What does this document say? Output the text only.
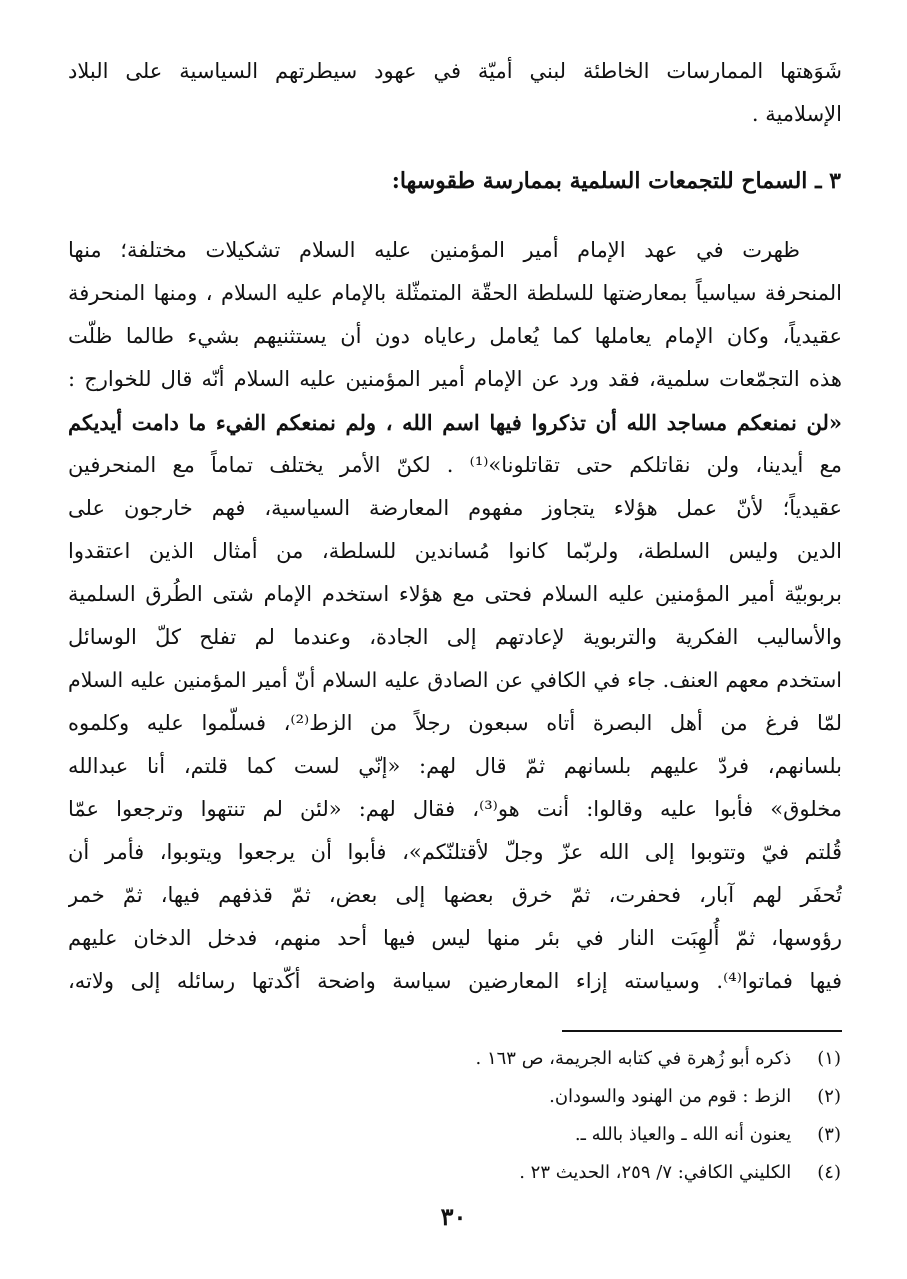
شَوَهتها الممارسات الخاطئة لبني أميّة في عهود سيطرتهم السياسية على البلاد
الإسلامية .
٣ ـ السماح للتجمعات السلمية بممارسة طقوسها:
ظهرت في عهد الإمام أمير المؤمنين عليه السلام تشكيلات مختلفة؛ منها
المنحرفة سياسياً بمعارضتها للسلطة الحقّة المتمثّلة بالإمام عليه السلام ، ومنها المنحرفة
عقيدياً، وكان الإمام يعاملها كما يُعامل رعاياه دون أن يستثنيهم بشيء طالما ظلّت
هذه التجمّعات سلمية، فقد ورد عن الإمام أمير المؤمنين عليه السلام أنّه قال للخوارج :
«لن نمنعكم مساجد الله أن تذكروا فيها اسم الله ، ولم نمنعكم الفيء ما دامت أيديكم
مع أيدينا، ولن نقاتلكم حتى تقاتلونا»⁽¹⁾ . لكنّ الأمر يختلف تماماً مع المنحرفين
عقيدياً؛ لأنّ عمل هؤلاء يتجاوز مفهوم المعارضة السياسية، فهم خارجون على
الدين وليس السلطة، ولربّما كانوا مُساندين للسلطة، من أمثال الذين اعتقدوا
بربوبيّة أمير المؤمنين عليه السلام فحتى مع هؤلاء استخدم الإمام شتى الطُرق السلمية
والأساليب الفكرية والتربوية لإعادتهم إلى الجادة، وعندما لم تفلح كلّ الوسائل
استخدم معهم العنف. جاء في الكافي عن الصادق عليه السلام أنّ أمير المؤمنين عليه السلام
لمّا فرغ من أهل البصرة أتاه سبعون رجلاً من الزط⁽²⁾، فسلّموا عليه وكلموه
بلسانهم، فردّ عليهم بلسانهم ثمّ قال لهم: «إنّي لست كما قلتم، أنا عبدالله
مخلوق» فأبوا عليه وقالوا: أنت هو⁽³⁾، فقال لهم: «لئن لم تنتهوا وترجعوا عمّا
قُلتم فيّ وتتوبوا إلى الله عزّ وجلّ لأقتلنّكم»، فأبوا أن يرجعوا ويتوبوا، فأمر أن
تُحفَر لهم آبار، فحفرت، ثمّ خرق بعضها إلى بعض، ثمّ قذفهم فيها، ثمّ خمر
رؤوسها، ثمّ أُلهِبَت النار في بئر منها ليس فيها أحد منهم، فدخل الدخان عليهم
فيها فماتوا⁽⁴⁾. وسياسته إزاء المعارضين سياسة واضحة أكّدتها رسائله إلى ولاته،
(١) ذكره أبو زُهرة في كتابه الجريمة، ص ١٦٣ .
(٢) الزط : قوم من الهنود والسودان.
(٣) يعنون أنه الله ـ والعياذ بالله ـ.
(٤) الكليني الكافي: ٧/ ٢٥٩، الحديث ٢٣ .
٣٠
